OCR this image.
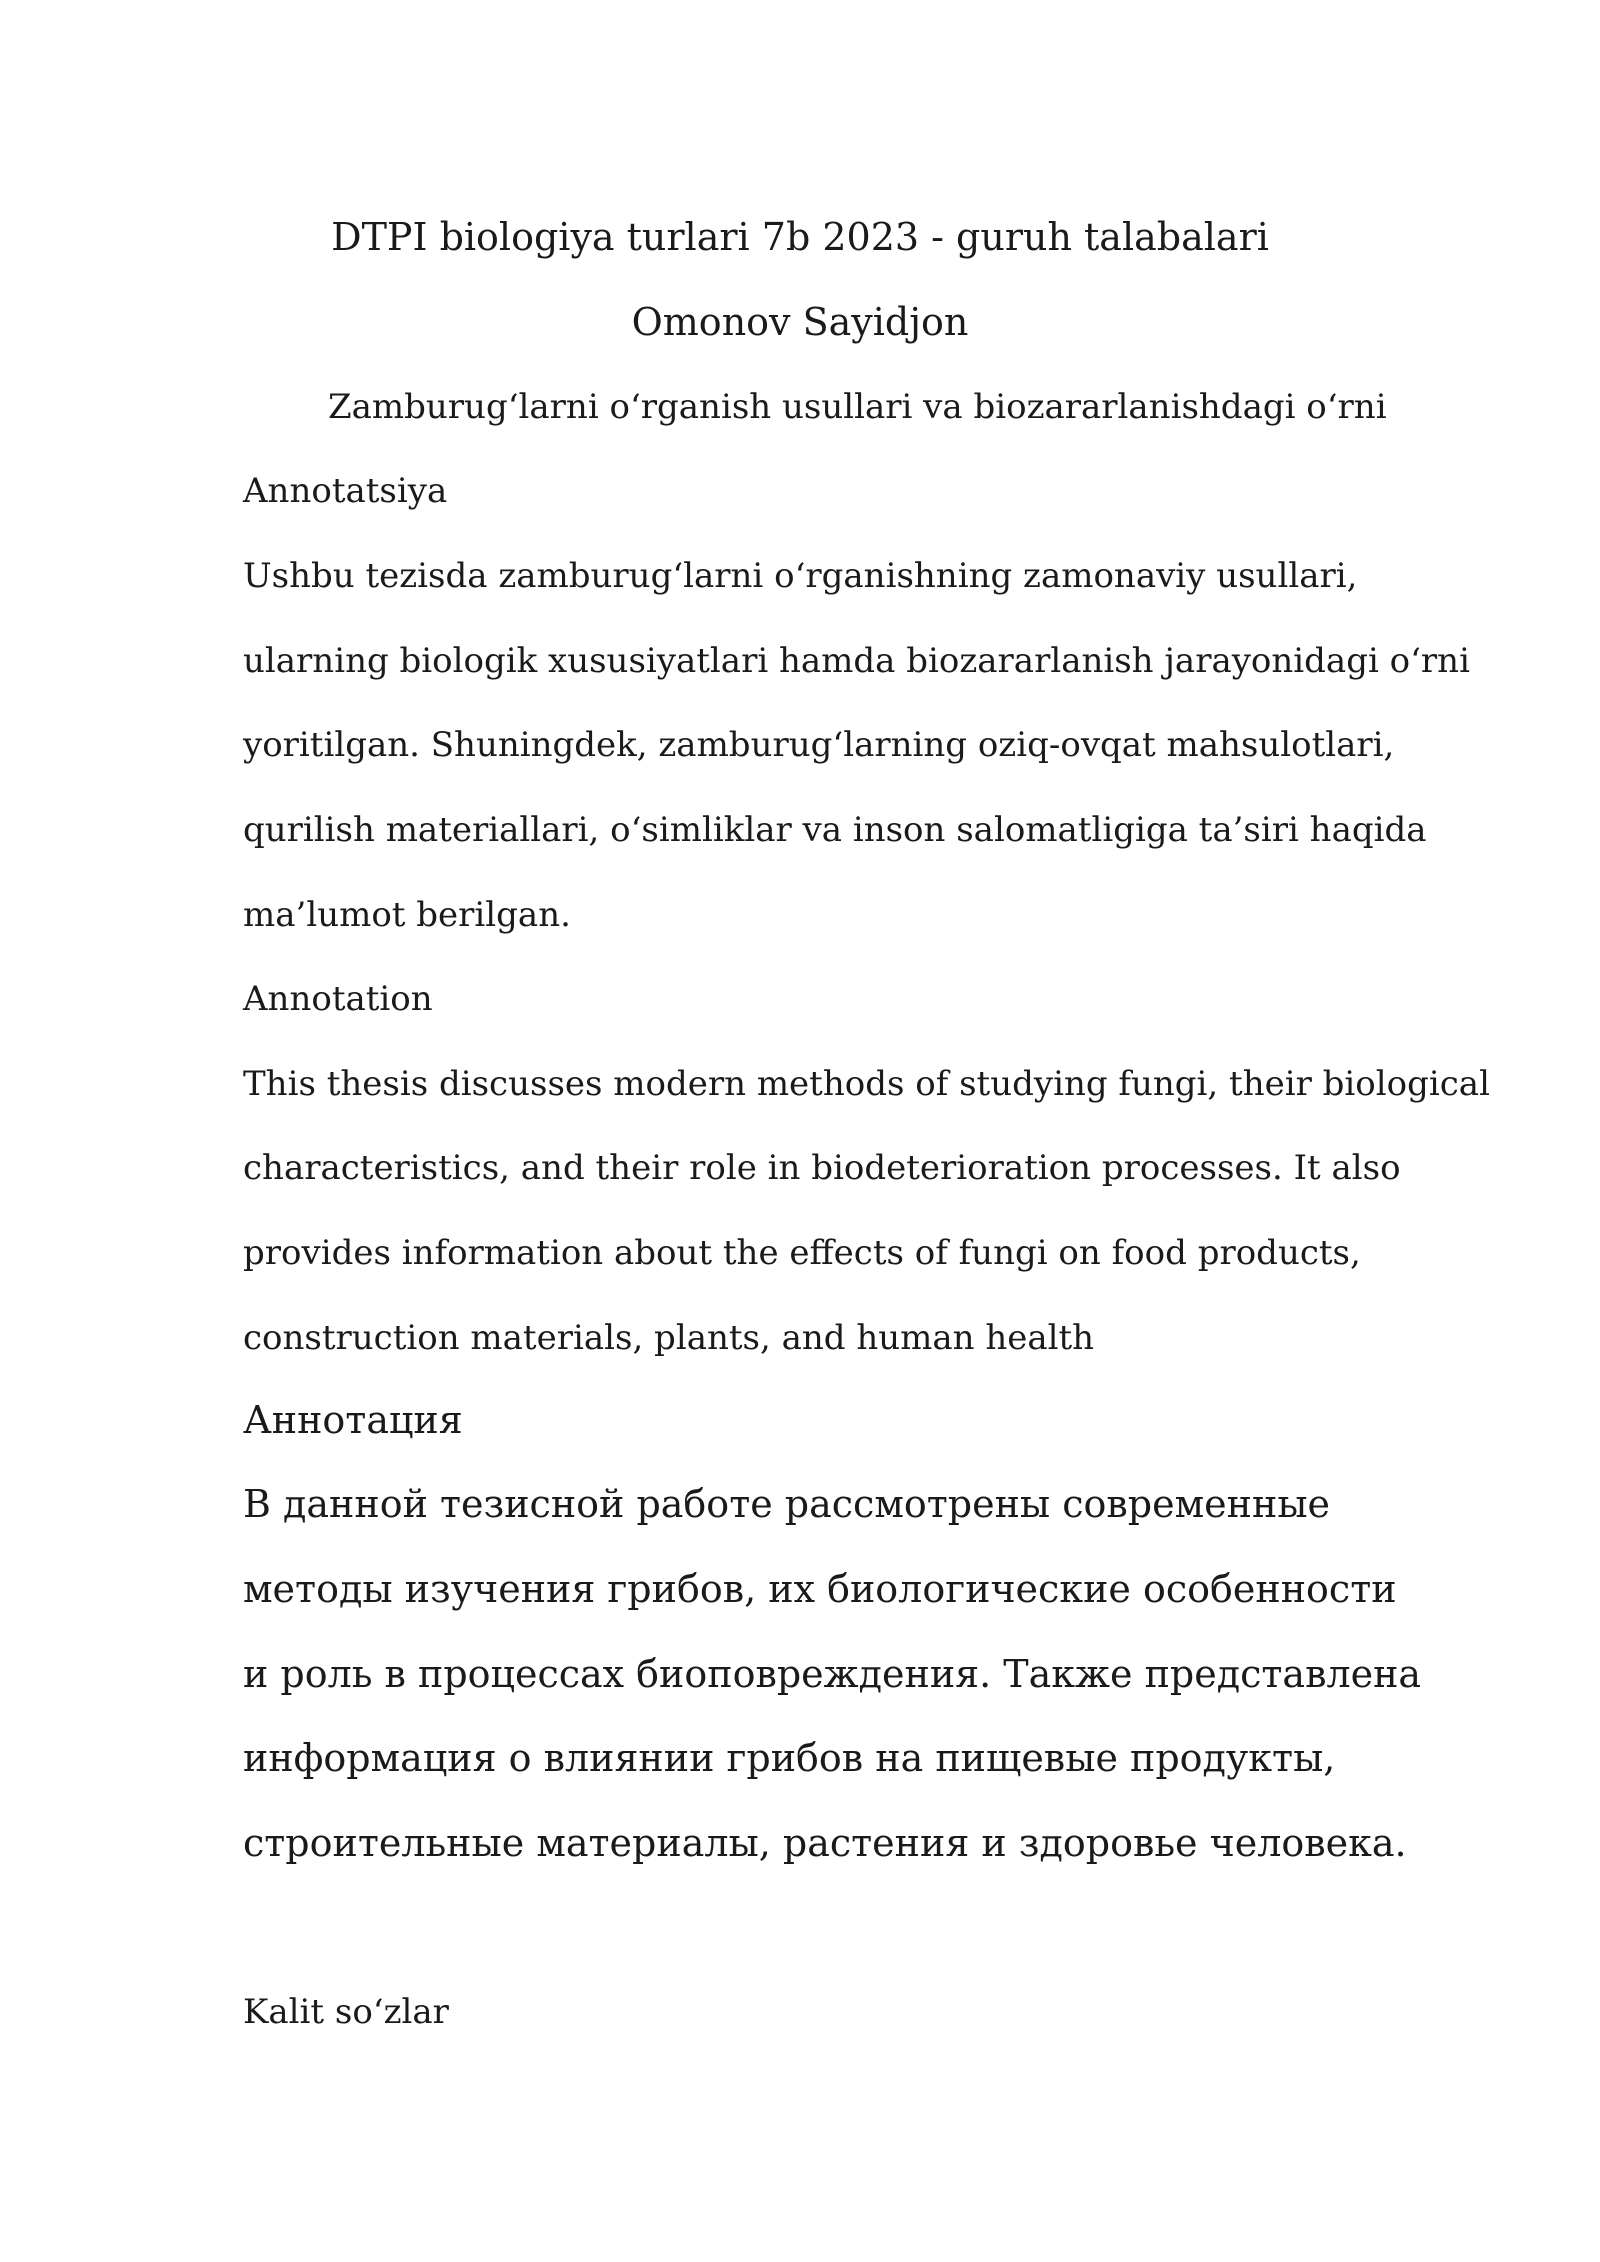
DTPI biologiya turlari 7b 2023 - guruh talabalari
Omonov Sayidjon
Zamburug‘larni o‘rganish usullari va biozararlanishdagi o‘rni
Annotatsiya
Ushbu tezisda zamburug‘larni o‘rganishning zamonaviy usullari,
ularning biologik xususiyatlari hamda biozararlanish jarayonidagi o‘rni
yoritilgan. Shuningdek, zamburug‘larning oziq-ovqat mahsulotlari,
qurilish materiallari, o‘simliklar va inson salomatligiga ta’siri haqida
ma’lumot berilgan.
Annotation
This thesis discusses modern methods of studying fungi, their biological
characteristics, and their role in biodeterioration processes. It also
provides information about the effects of fungi on food products,
construction materials, plants, and human health
Аннотация
В данной тезисной работе рассмотрены современные
методы изучения грибов, их биологические особенности
и роль в процессах биоповреждения. Также представлена
информация о влиянии грибов на пищевые продукты,
строительные материалы, растения и здоровье человека.
Kalit so‘zlar
